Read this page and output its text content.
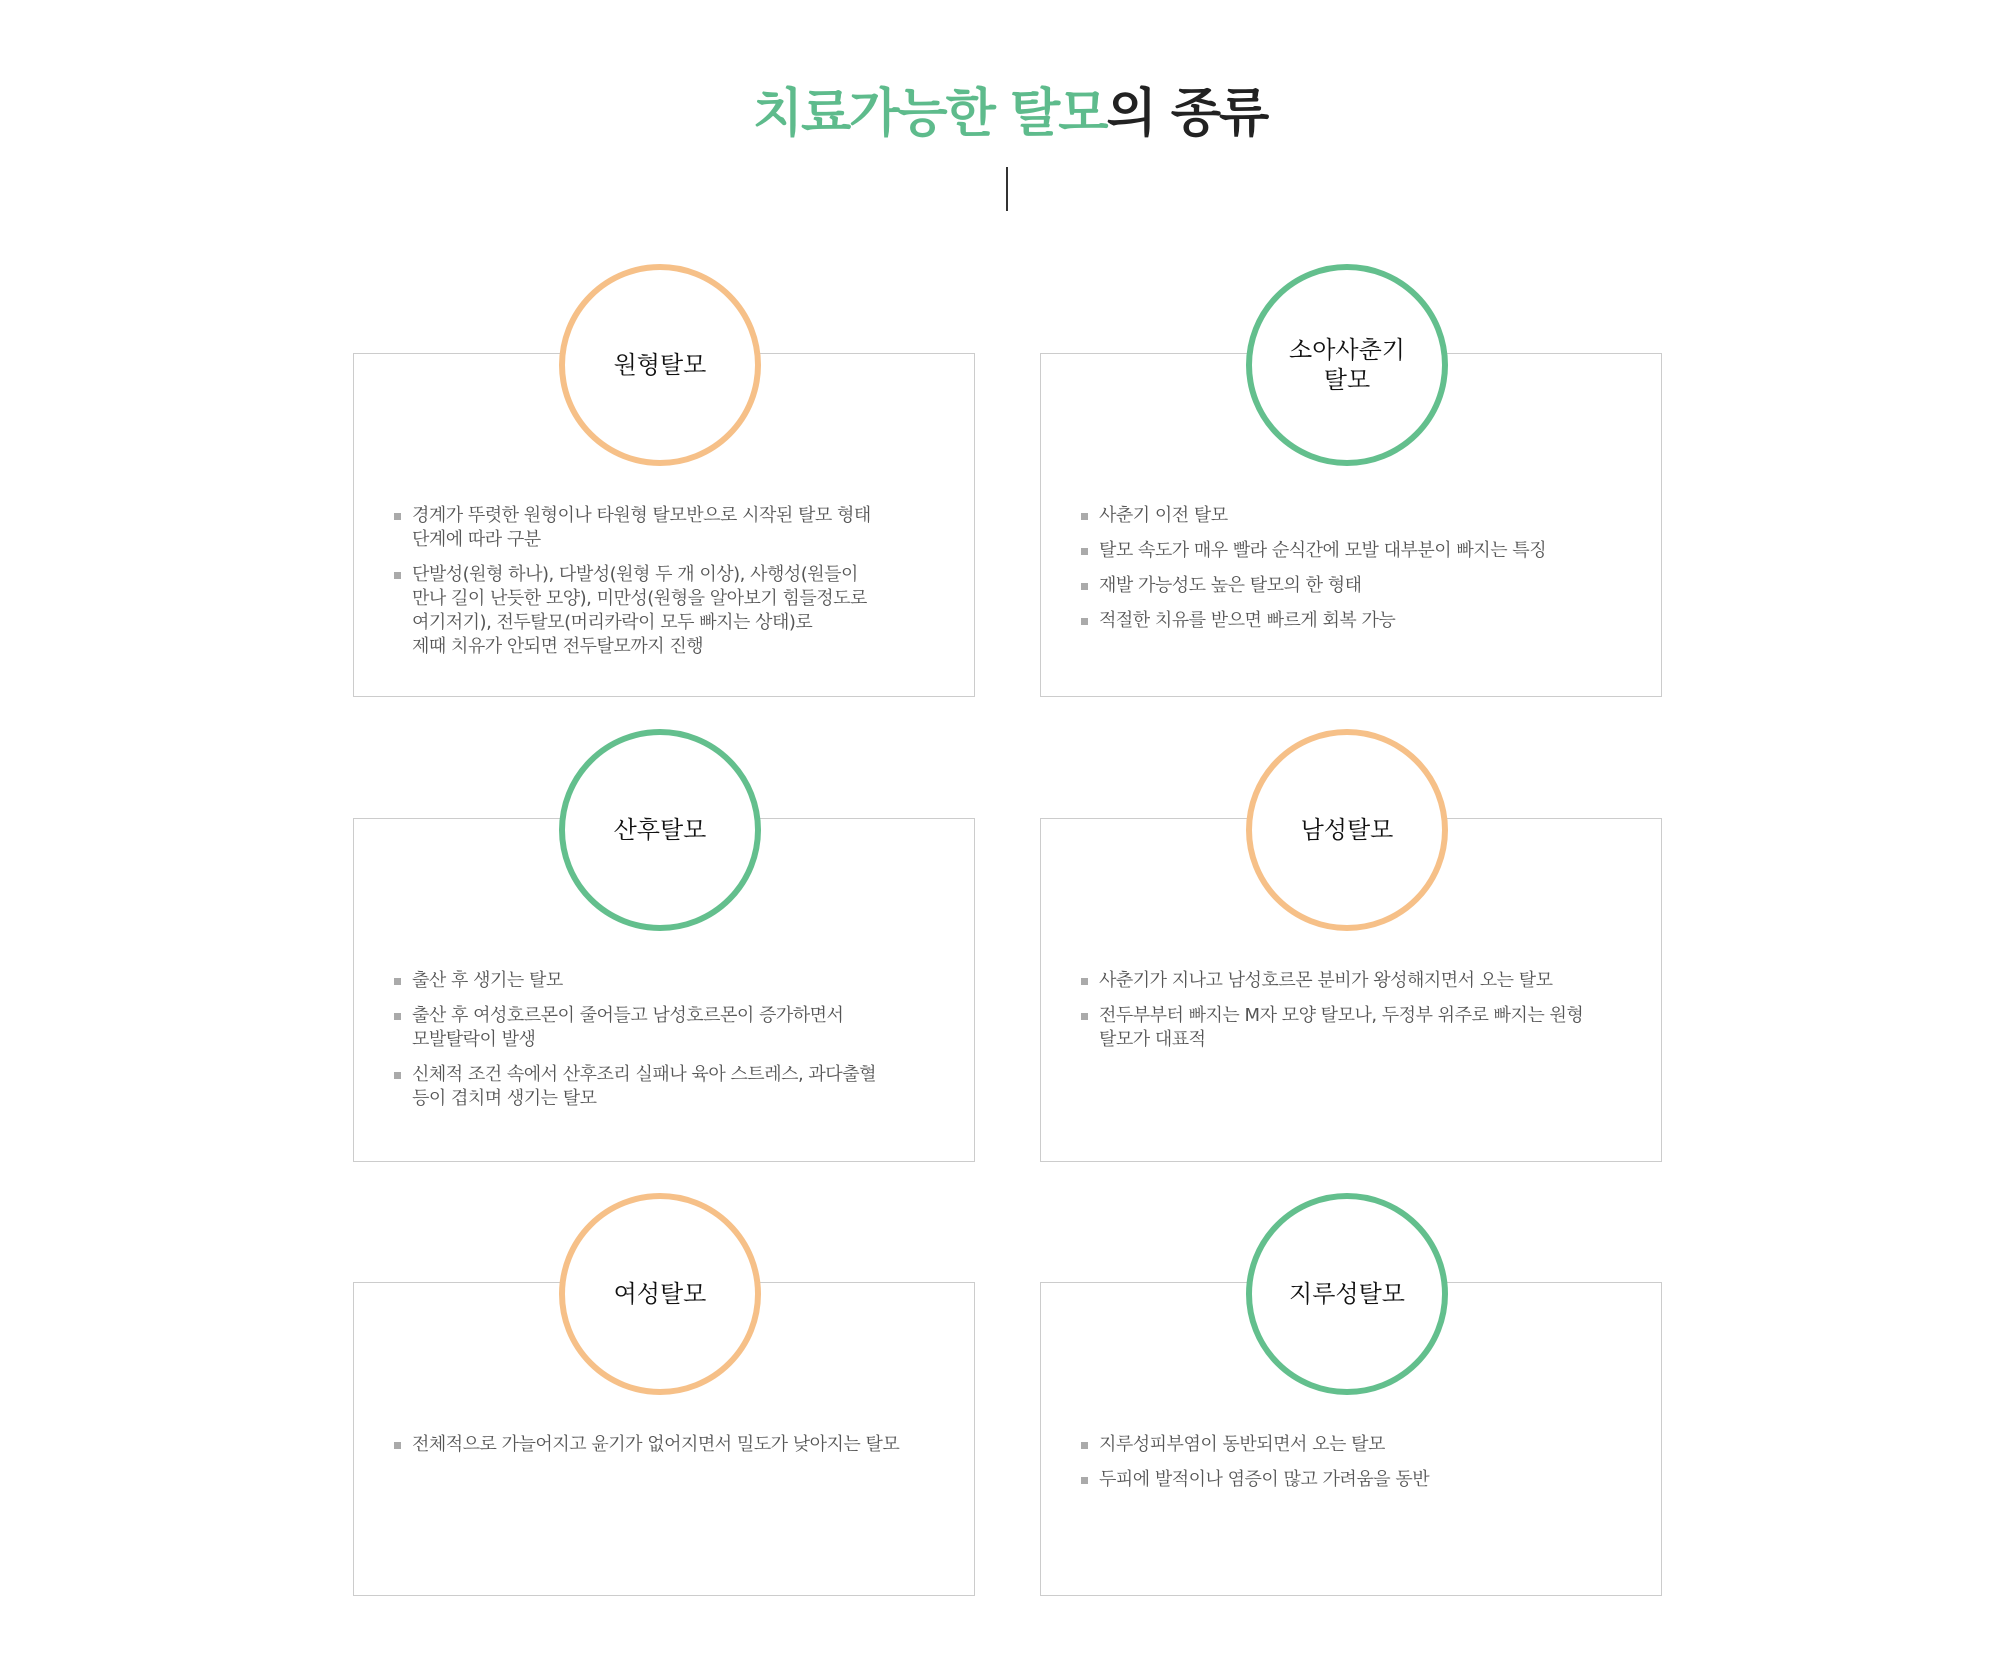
치료가능한 탈모의 종류
원형탈모
경계가 뚜렷한 원형이나 타원형 탈모반으로 시작된 탈모 형태
단계에 따라 구분
단발성(원형 하나), 다발성(원형 두 개 이상), 사행성(원들이
만나 길이 난듯한 모양), 미만성(원형을 알아보기 힘들정도로
여기저기), 전두탈모(머리카락이 모두 빠지는 상태)로
제때 치유가 안되면 전두탈모까지 진행
소아사춘기
탈모
사춘기 이전 탈모
탈모 속도가 매우 빨라 순식간에 모발 대부분이 빠지는 특징
재발 가능성도 높은 탈모의 한 형태
적절한 치유를 받으면 빠르게 회복 가능
산후탈모
출산 후 생기는 탈모
출산 후 여성호르몬이 줄어들고 남성호르몬이 증가하면서
모발탈락이 발생
신체적 조건 속에서 산후조리 실패나 육아 스트레스, 과다출혈
등이 겹치며 생기는 탈모
남성탈모
사춘기가 지나고 남성호르몬 분비가 왕성해지면서 오는 탈모
전두부부터 빠지는 M자 모양 탈모나, 두정부 위주로 빠지는 원형
탈모가 대표적
여성탈모
전체적으로 가늘어지고 윤기가 없어지면서 밀도가 낮아지는 탈모
지루성탈모
지루성피부염이 동반되면서 오는 탈모
두피에 발적이나 염증이 많고 가려움을 동반
